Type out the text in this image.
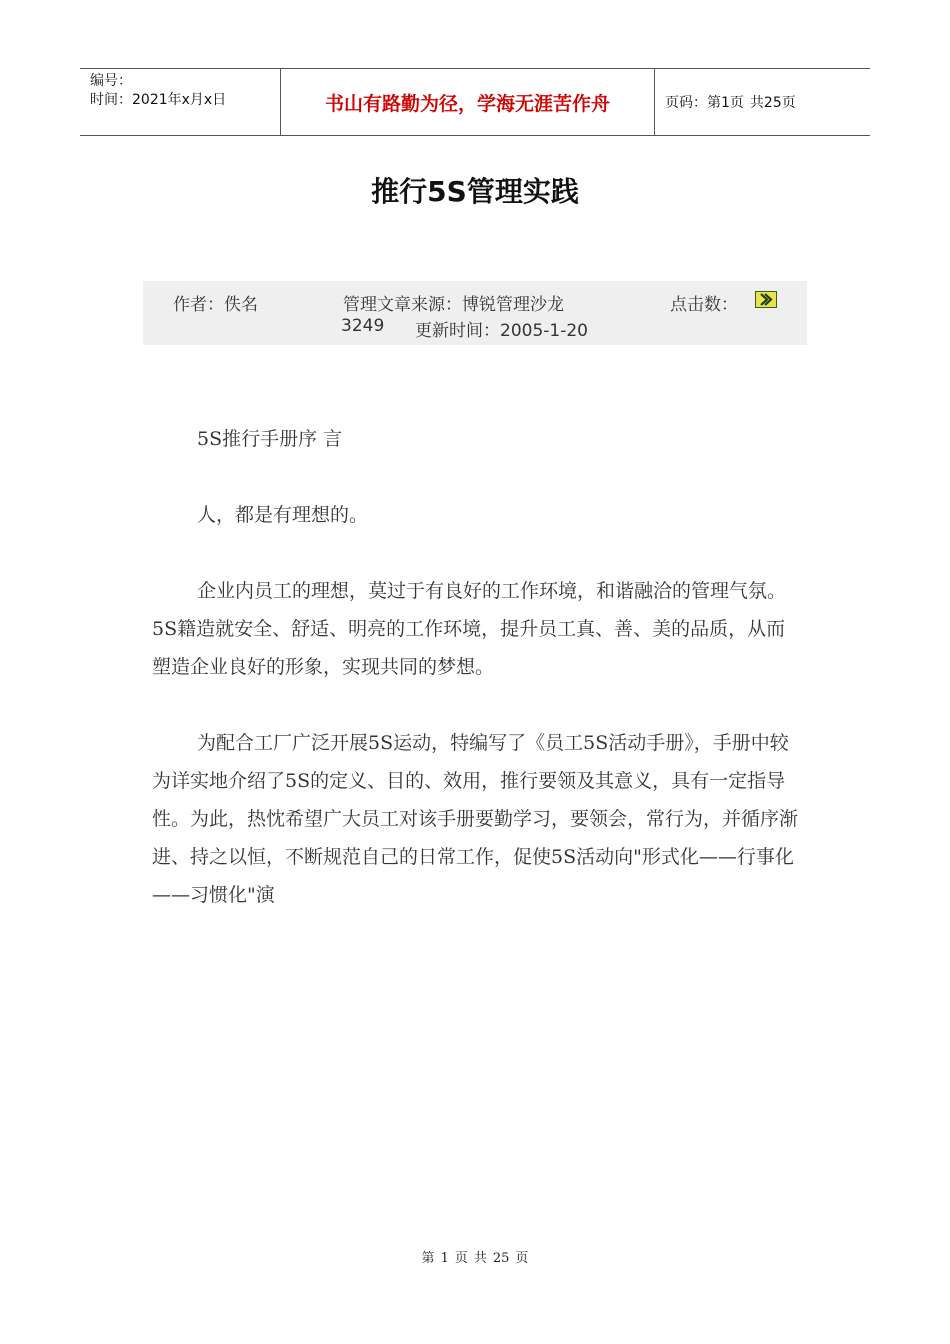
编号：
时间：2021年x月x日	书山有路勤为径，学海无涯苦作舟	页码：第1页 共25页
推行5S管理实践
作者：佚名	管理文章来源：博锐管理沙龙	点击数：
3249 更新时间：2005-1-20

5S推行手册序 言

人，都是有理想的。

企业内员工的理想，莫过于有良好的工作环境，和谐融洽的管理气氛。5S籍造就安全、舒适、明亮的工作环境，提升员工真、善、美的品质，从而塑造企业良好的形象，实现共同的梦想。

为配合工厂广泛开展5S运动，特编写了《员工5S活动手册》，手册中较为详实地介绍了5S的定义、目的、效用，推行要领及其意义，具有一定指导性。为此，热忱希望广大员工对该手册要勤学习，要领会，常行为，并循序渐进、持之以恒，不断规范自己的日常工作，促使5S活动向"形式化——行事化——习惯化"演

第 1 页 共 25 页
